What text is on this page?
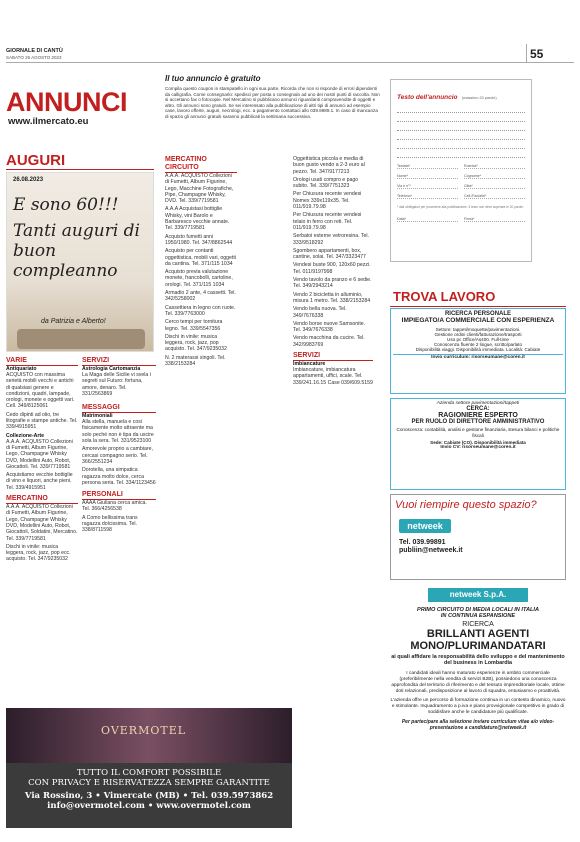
GIORNALE DI CANTÙ
SABATO 26 AGOSTO 2023	55
ANNUNCI
www.ilmercato.eu
Il tuo annuncio è gratuito
Compila questo coupon in stampatello in ogni sua parte. Ricorda che non si risponde di errori dipendenti da calligrafia. Come consegnarlo: spedisci per posta o consegnalo ad uno dei nostri punti di raccolta. Non si accettano fax o fotocopie. Nel Mercatino si pubblicano annunci riguardanti compravendite di oggetti e altro. Gli annunci sono gratuiti. Se sei interessato alla pubblicazione di altri tipi di annunci ad esempio case, lavoro offerte, auguri, necrologi, ecc. a pagamento contattaci allo 039.9989.1. In caso di mancanza di spazio gli annunci gratuiti saranno pubblicati la settimana successiva.
Testo dell'annuncio (massimo 20 parole)
Testata*	Rubrica*
Nome*	Cognome*
Via e n°*	Città*
Telefono*	Cell./Fax/altri*
* dati obbligatori per procedere alla pubblicazione. Il testo non deve superare le 20 parole.
Data*	Firma*
AUGURI
26.08.2023
E sono 60!!!
Tanti auguri di buon compleanno
da Patrizia e Alberto!
VARIE
Antiquariato

ACQUISTO con massima serietà mobili vecchi e antichi di qualsiasi genere e condizioni, quadri, lampade, orologi, monete e oggetti vari. Cell. 349/8125061

Cedo dipinti ad olio, tre litografie e stampe antiche. Tel. 339/4915951

Collezione-Arte

A.A.A. ACQUISTO Collezioni di Fumetti, Album Figurine, Lego, Champagne Whisky DVD, Modellini Auto, Robot, Giocattoli. Tel. 339/7719581

Acquistiamo vecchie bottiglie di vino e liquori, anche pieni. Tel. 339/4915951

MERCATINO

A.A.A. ACQUISTO Collezioni di Fumetti, Album Figurine, Lego, Champagne Whisky DVD, Modellini Auto, Robot, Giocattoli, Soldatini, Mercatino. Tel. 339/7719581

Dischi in vinile: musica leggera, rock, jazz, pop ecc. acquisto. Tel. 347/9235032

SERVIZI
Astrologia Cartomanzia

La Maga delle Sicilie vi svela i segreti sul Futuro: fortuna, amore, denaro. Tel. 331/2563869

MESSAGGI
Matrimoniali

Alla stella, manuela e cosi fisicamente molto attraente ma solo peché non è tipa da uscire sola la sera. Tel. 331/9523100

Amorevole proprio a cambiare, cercasi compagno serio. Tel. 366/2551234

Dorotella, una simpatica ragazza molto dolce, cerca persona seria. Tel. 334/1123456

PERSONALI

AAAA Giuliana cerca amica. Tel. 366/4256538

A Como bellissima trans ragazza dolcissima. Tel. 338/8711598

MERCATINO CIRCUITO

A.A.A. ACQUISTO Collezioni di Fumetti, Album Figurine, Lego, Macchine Fotografiche, Pipe, Champagne Whisky, DVD. Tel. 339/7719581

A.A.A Acquistasi bottiglie Whisky, vini Barolo e Barbaresco vecchie annate. Tel. 339/7719581

Acquisto fumetti anni 1950/1980. Tel. 347/8862544

Acquisto per contanti oggettistica, mobili vari, oggetti da cantina. Tel. 371/115 1034

Acquisto previa valutazione monete, francobolli, cartoline, orologi. Tel. 371/115 1034

Armadio 2 ante, 4 cassetti. Tel. 342/5258002

Cassettiera in legno con ruote. Tel. 339/7763000

Cerco tempi per tornitura legno. Tel. 339/5547356

Dischi in vinile: musica leggera, rock, jazz, pop acquisto. Tel. 347/9235032

N. 2 materassi singoli. Tel. 338/2153284

Oggettistica piccola e media di buon gusto vendo a 2-3 euro al pezzo. Tel. 347/9177213

Orologi usati compro e pago subito. Tel. 339/7751323

Per Chiusura recente vendesi Nomex 339x119x35. Tel. 011/919.79.98

Per Chiusura recente vendesi telaio in ferro con reti. Tel. 011/919.79.98

Serbatoi esterne vetroresina. Tel. 333/9518292

Sgombero appartamenti, box, cantine, solai. Tel. 347/3323477

Vendesi buste 900, 120x60 pezzi. Tel. 011/9197998

Vendo tavolo da pranzo e 6 sedie. Tel. 349/2943214

Vendo 2 bicicletta in alluminio, misura 1 metro. Tel. 338/2153284

Vendo bella nuova. Tel. 349/7676338

Vendo borse nuove Samsonite. Tel. 349/7676338

Vendo macchina da cucire. Tel. 342/9983769

SERVIZI
Imbiancature

Imbiancature, imbiancatura appartamenti, uffici, scale. Tel. 339/241.16.15 Case 039/609.5159

OVERMOTEL
TUTTO IL COMFORT POSSIBILE
CON PRIVACY E RISERVATEZZA SEMPRE GARANTITE
Via Rossino, 3 • Vimercate (MB) • Tel. 039.5973862
info@overmotel.com • www.overmotel.com
TROVA LAVORO
RICERCA PERSONALE
IMPIEGATO/A COMMERCIALE CON ESPERIENZA
Settore: tappeti/moquette/pavimentazioni.
Gestione ordini clienti/fatturazione/trasporti
Uso pc Office/As400. Full-time
Conoscenza fluente 2 lingue, scritto/parlato
Disponibilità viaggi. Disponibilità immediata. Località: Cabiate
Invio curriculum: risorseumane@coren.it
Azienda settore pavimentazioni/tappeti
CERCA:
RAGIONIERE ESPERTO
PER RUOLO DI DIRETTORE AMMINISTRATIVO
Conoscenza: contabilità, analisi e gestione finanziaria, stesura bilanci e politiche fiscali
Sede: Cabiate (CO). Disponibilità immediata
Invio CV: risorseumane@coren.it
Vuoi riempire questo spazio?
netweek
Tel. 039.99891
publiin@netweek.it
netweek S.p.A.
PRIMO CIRCUITO DI MEDIA LOCALI IN ITALIA
IN CONTINUA ESPANSIONE
RICERCA
BRILLANTI AGENTI
MONO/PLURIMANDATARI
ai quali affidare la responsabilità dello sviluppo e del mantenimento del business in Lombardia
I candidati ideali hanno maturato esperienze in ambito commerciale (preferibilmente nella vendita di servizi B2B), possiedono una conoscenza approfondita del territorio di riferimento e del tessuto imprenditoriale locale, ottime doti relazionali, predisposizione al lavoro di squadra, entusiasmo e proattività.
L'azienda offre un percorso di formazione continua in un contesto dinamico, nuovo e stimolante. Inquadramento a p.iva e piano provvigionale competitivo in grado di soddisfare anche le candidature più qualificate.
Per partecipare alla selezione inviare curriculum vitae a/o video-presentazione a candidature@netweek.it
